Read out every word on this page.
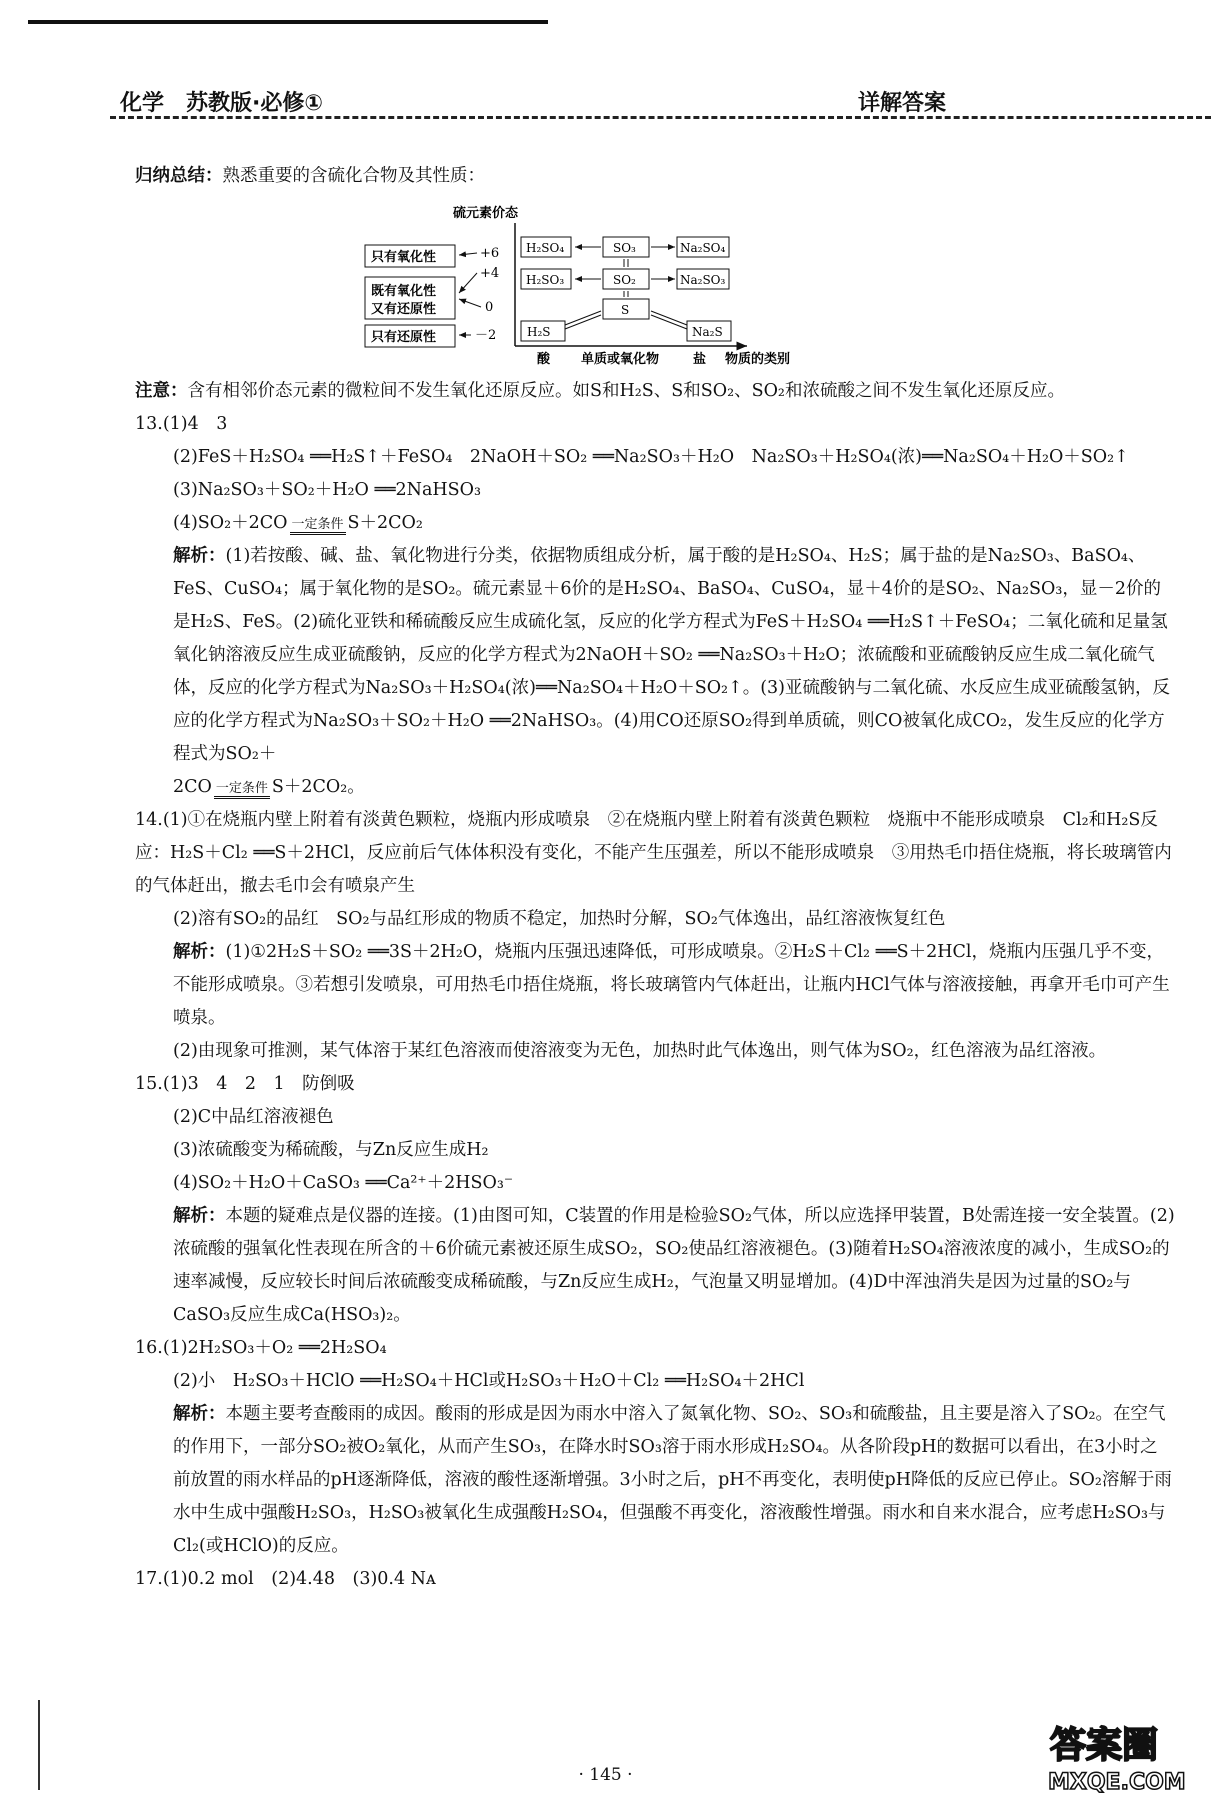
化学　苏教版·必修①	详解答案

归纳总结：熟悉重要的含硫化合物及其性质：

硫元素价态
+6
+4
0
－2
只有氧化性
既有氧化性
又有还原性
只有还原性
H₂SO₄	SO₃	Na₂SO₄
H₂SO₃	SO₂	Na₂SO₃
S
H₂S	Na₂S
酸 单质或氧化物	盐 物质的类别

注意：含有相邻价态元素的微粒间不发生氧化还原反应。如S和H₂S、S和SO₂、SO₂和浓硫酸之间不发生氧化还原反应。

13.(1)4　3

(2)FeS＋H₂SO₄ ══H₂S↑＋FeSO₄　2NaOH＋SO₂ ══Na₂SO₃＋H₂O　Na₂SO₃＋H₂SO₄(浓)══Na₂SO₄＋H₂O＋SO₂↑

(3)Na₂SO₃＋SO₂＋H₂O ══2NaHSO₃

(4)SO₂＋2CO 一定条件 S＋2CO₂

解析：(1)若按酸、碱、盐、氧化物进行分类，依据物质组成分析，属于酸的是H₂SO₄、H₂S；属于盐的是Na₂SO₃、BaSO₄、FeS、CuSO₄；属于氧化物的是SO₂。硫元素显＋6价的是H₂SO₄、BaSO₄、CuSO₄，显＋4价的是SO₂、Na₂SO₃，显－2价的是H₂S、FeS。(2)硫化亚铁和稀硫酸反应生成硫化氢，反应的化学方程式为FeS＋H₂SO₄ ══H₂S↑＋FeSO₄；二氧化硫和足量氢氧化钠溶液反应生成亚硫酸钠，反应的化学方程式为2NaOH＋SO₂ ══Na₂SO₃＋H₂O；浓硫酸和亚硫酸钠反应生成二氧化硫气体，反应的化学方程式为Na₂SO₃＋H₂SO₄(浓)══Na₂SO₄＋H₂O＋SO₂↑。(3)亚硫酸钠与二氧化硫、水反应生成亚硫酸氢钠，反应的化学方程式为Na₂SO₃＋SO₂＋H₂O ══2NaHSO₃。(4)用CO还原SO₂得到单质硫，则CO被氧化成CO₂，发生反应的化学方程式为SO₂＋
2CO 一定条件 S＋2CO₂。

14.(1)①在烧瓶内壁上附着有淡黄色颗粒，烧瓶内形成喷泉　②在烧瓶内壁上附着有淡黄色颗粒　烧瓶中不能形成喷泉　Cl₂和H₂S反应：H₂S＋Cl₂ ══S＋2HCl，反应前后气体体积没有变化，不能产生压强差，所以不能形成喷泉　③用热毛巾捂住烧瓶，将长玻璃管内的气体赶出，撤去毛巾会有喷泉产生

(2)溶有SO₂的品红　SO₂与品红形成的物质不稳定，加热时分解，SO₂气体逸出，品红溶液恢复红色

解析：(1)①2H₂S＋SO₂ ══3S＋2H₂O，烧瓶内压强迅速降低，可形成喷泉。②H₂S＋Cl₂ ══S＋2HCl，烧瓶内压强几乎不变，不能形成喷泉。③若想引发喷泉，可用热毛巾捂住烧瓶，将长玻璃管内气体赶出，让瓶内HCl气体与溶液接触，再拿开毛巾可产生喷泉。

(2)由现象可推测，某气体溶于某红色溶液而使溶液变为无色，加热时此气体逸出，则气体为SO₂，红色溶液为品红溶液。

15.(1)3　4　2　1　防倒吸

(2)C中品红溶液褪色

(3)浓硫酸变为稀硫酸，与Zn反应生成H₂

(4)SO₂＋H₂O＋CaSO₃ ══Ca²⁺＋2HSO₃⁻

解析：本题的疑难点是仪器的连接。(1)由图可知，C装置的作用是检验SO₂气体，所以应选择甲装置，B处需连接一安全装置。(2)浓硫酸的强氧化性表现在所含的＋6价硫元素被还原生成SO₂，SO₂使品红溶液褪色。(3)随着H₂SO₄溶液浓度的减小，生成SO₂的速率减慢，反应较长时间后浓硫酸变成稀硫酸，与Zn反应生成H₂，气泡量又明显增加。(4)D中浑浊消失是因为过量的SO₂与CaSO₃反应生成Ca(HSO₃)₂。

16.(1)2H₂SO₃＋O₂ ══2H₂SO₄

(2)小　H₂SO₃＋HClO ══H₂SO₄＋HCl或H₂SO₃＋H₂O＋Cl₂ ══H₂SO₄＋2HCl

解析：本题主要考查酸雨的成因。酸雨的形成是因为雨水中溶入了氮氧化物、SO₂、SO₃和硫酸盐，且主要是溶入了SO₂。在空气的作用下，一部分SO₂被O₂氧化，从而产生SO₃，在降水时SO₃溶于雨水形成H₂SO₄。从各阶段pH的数据可以看出，在3小时之前放置的雨水样品的pH逐渐降低，溶液的酸性逐渐增强。3小时之后，pH不再变化，表明使pH降低的反应已停止。SO₂溶解于雨水中生成中强酸H₂SO₃，H₂SO₃被氧化生成强酸H₂SO₄，但强酸不再变化，溶液酸性增强。雨水和自来水混合，应考虑H₂SO₃与Cl₂(或HClO)的反应。

17.(1)0.2 mol　(2)4.48　(3)0.4 Nᴀ

· 145 ·
答案圈
MXQE.COM
